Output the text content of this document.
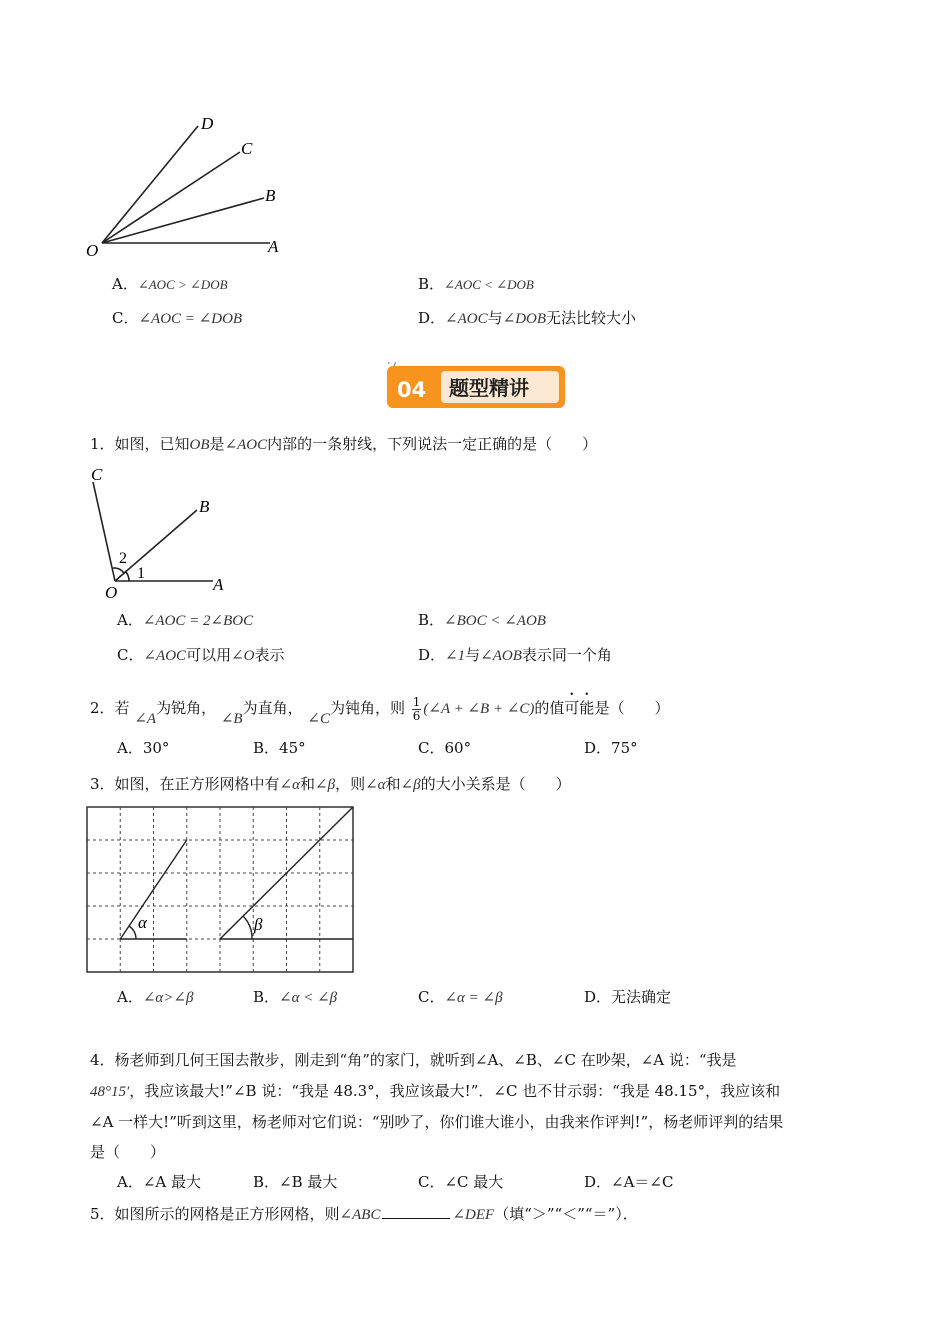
D
C
B
A
O
A．∠AOC > ∠DOB	B．∠AOC < ∠DOB
C．∠AOC = ∠DOB	D．∠AOC与∠DOB无法比较大小
04 题型精讲
1．如图，已知OB是∠AOC内部的一条射线，下列说法一定正确的是（　　）
C
B
2
1
O	A
A．∠AOC = 2∠BOC	B．∠BOC < ∠AOB
C．∠AOC可以用∠O表示	D．∠1与∠AOB表示同一个角
2．若 ∠A为锐角， ∠B为直角， ∠C为钝角，则 $\frac{1}{6}$ (∠A + ∠B + ∠C)的值可能是（　　）
A．30°	B．45°	C．60°	D．75°
3．如图，在正方形网格中有∠α和∠β，则∠α和∠β的大小关系是（　　）
α	β
A．∠α>∠β	B．∠α < ∠β	C．∠α = ∠β	D．无法确定
4．杨老师到几何王国去散步，刚走到“角”的家门，就听到∠A、∠B、∠C 在吵架，∠A 说：“我是
48°15′，我应该最大!”∠B 说：“我是 48.3°，我应该最大!”．∠C 也不甘示弱：“我是 48.15°，我应该和
∠A 一样大!”听到这里，杨老师对它们说：“别吵了，你们谁大谁小，由我来作评判!”，杨老师评判的结果
是（　　）
A．∠A 最大	B．∠B 最大	C．∠C 最大	D．∠A＝∠C
5．如图所示的网格是正方形网格，则∠ABC	∠DEF（填“＞”“＜”“＝”）．
